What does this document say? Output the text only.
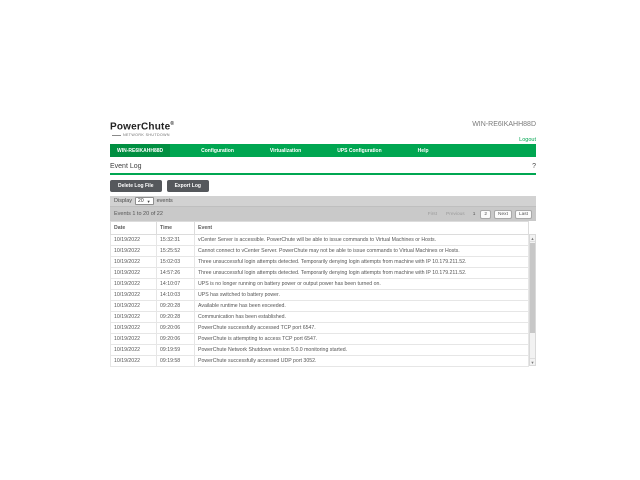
PowerChute®
NETWORK SHUTDOWN
WIN-RE6IKAHH88D
Logout
WIN-RE6IKAHH88D	Configuration	Virtualization	UPS Configuration	Help
Event Log	?
Delete Log File	Export Log
Display 20 ▼ events
Events 1 to 20 of 22	First	Previous	1	2	Next	Last
Date	Time	Event
10/19/2022	15:32:31	vCenter Server is accessible. PowerChute will be able to issue commands to Virtual Machines or Hosts.
10/19/2022	15:25:52	Cannot connect to vCenter Server. PowerChute may not be able to issue commands to Virtual Machines or Hosts.
10/19/2022	15:02:03	Three unsuccessful login attempts detected. Temporarily denying login attempts from machine with IP 10.179.211.52.
10/19/2022	14:57:26	Three unsuccessful login attempts detected. Temporarily denying login attempts from machine with IP 10.179.211.52.
10/19/2022	14:10:07	UPS is no longer running on battery power or output power has been turned on.
10/19/2022	14:10:03	UPS has switched to battery power.
10/19/2022	09:20:28	Available runtime has been exceeded.
10/19/2022	09:20:28	Communication has been established.
10/19/2022	09:20:06	PowerChute successfully accessed TCP port 6547.
10/19/2022	09:20:06	PowerChute is attempting to access TCP port 6547.
10/19/2022	09:19:59	PowerChute Network Shutdown version 5.0.0 monitoring started.
10/19/2022	09:19:58	PowerChute successfully accessed UDP port 3052.
▲
▼
